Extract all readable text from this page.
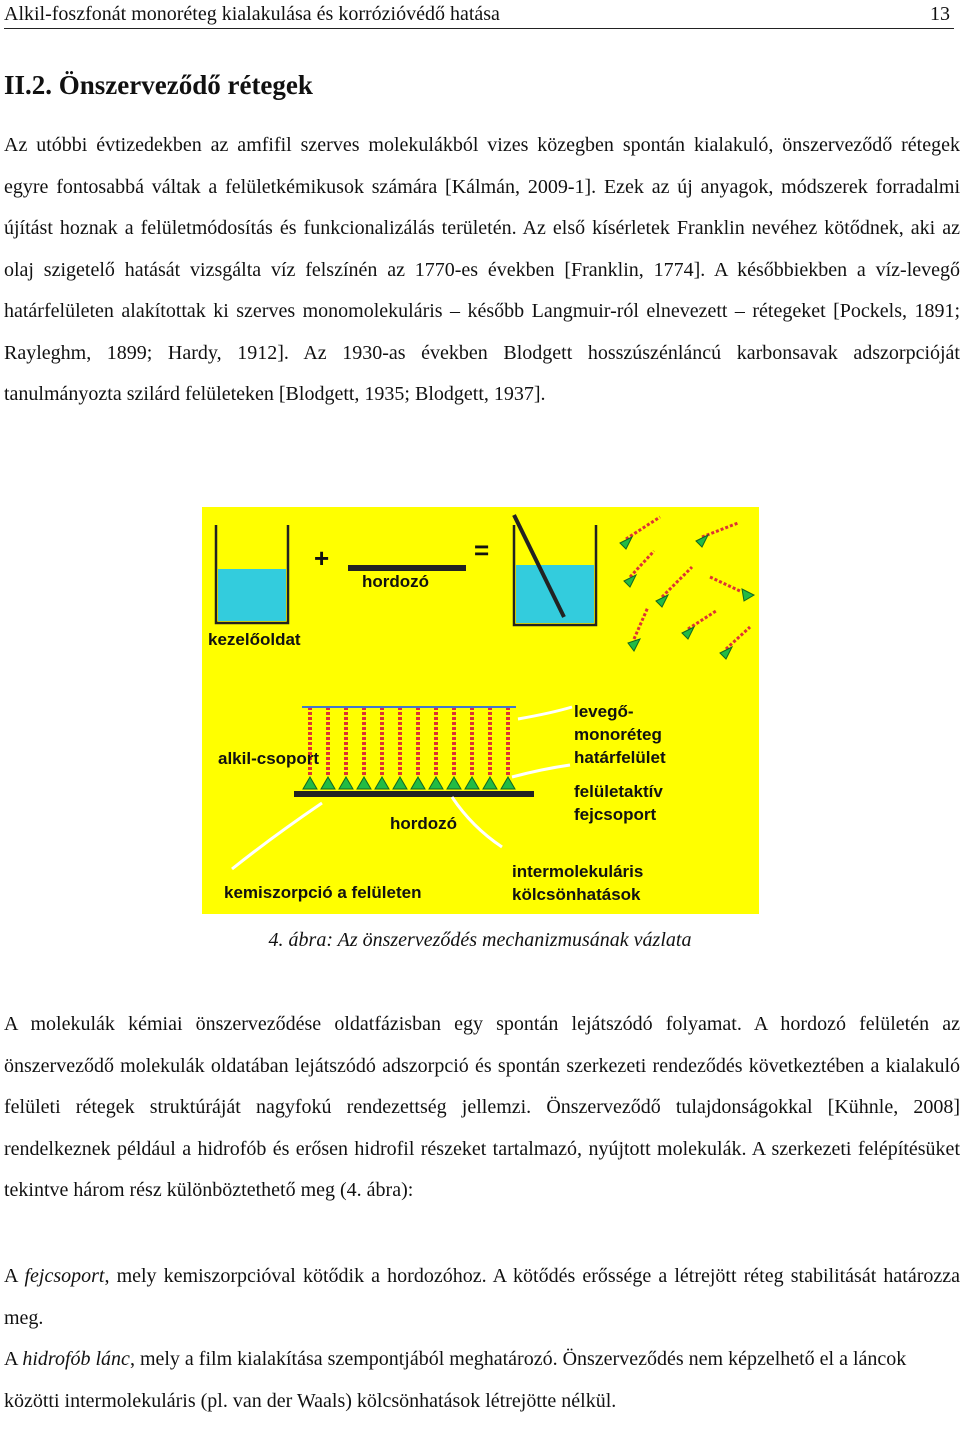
Alkil-foszfonát monoréteg kialakulása és korrózióvédő hatása	13
II.2. Önszerveződő rétegek

Az utóbbi évtizedekben az amfifil szerves molekulákból vizes közegben spontán kialakuló, önszerveződő rétegek egyre fontosabbá váltak a felületkémikusok számára [Kálmán, 2009-1]. Ezek az új anyagok, módszerek forradalmi újítást hoznak a felületmódosítás és funkcionalizálás területén. Az első kísérletek Franklin nevéhez kötődnek, aki az olaj szigetelő hatását vizsgálta víz felszínén az 1770-es években [Franklin, 1774]. A későbbiekben a víz-levegő határfelületen alakítottak ki szerves monomolekuláris – később Langmuir-ról elnevezett – rétegeket [Pockels, 1891; Rayleghm, 1899; Hardy, 1912]. Az 1930-as években Blodgett hosszúszénláncú karbonsavak adszorpcióját tanulmányozta szilárd felületeken [Blodgett, 1935; Blodgett, 1937].

+
hordozó
=
kezelőoldat
levegő-
monoréteg
határfelület
alkil-csoport
felületaktív
fejcsoport
hordozó
intermolekuláris
kölcsönhatások
kemiszorpció a felületen

4. ábra: Az önszerveződés mechanizmusának vázlata

A molekulák kémiai önszerveződése oldatfázisban egy spontán lejátszódó folyamat. A hordozó felületén az önszerveződő molekulák oldatában lejátszódó adszorpció és spontán szerkezeti rendeződés következtében a kialakuló felületi rétegek struktúráját nagyfokú rendezettség jellemzi. Önszerveződő tulajdonságokkal [Kühnle, 2008] rendelkeznek például a hidrofób és erősen hidrofil részeket tartalmazó, nyújtott molekulák. A szerkezeti felépítésüket tekintve három rész különböztethető meg (4. ábra):

A fejcsoport, mely kemiszorpcióval kötődik a hordozóhoz. A kötődés erőssége a létrejött réteg stabilitását határozza meg.

A hidrofób lánc, mely a film kialakítása szempontjából meghatározó. Önszerveződés nem képzelhető el a láncok közötti intermolekuláris (pl. van der Waals) kölcsönhatások létrejötte nélkül.
